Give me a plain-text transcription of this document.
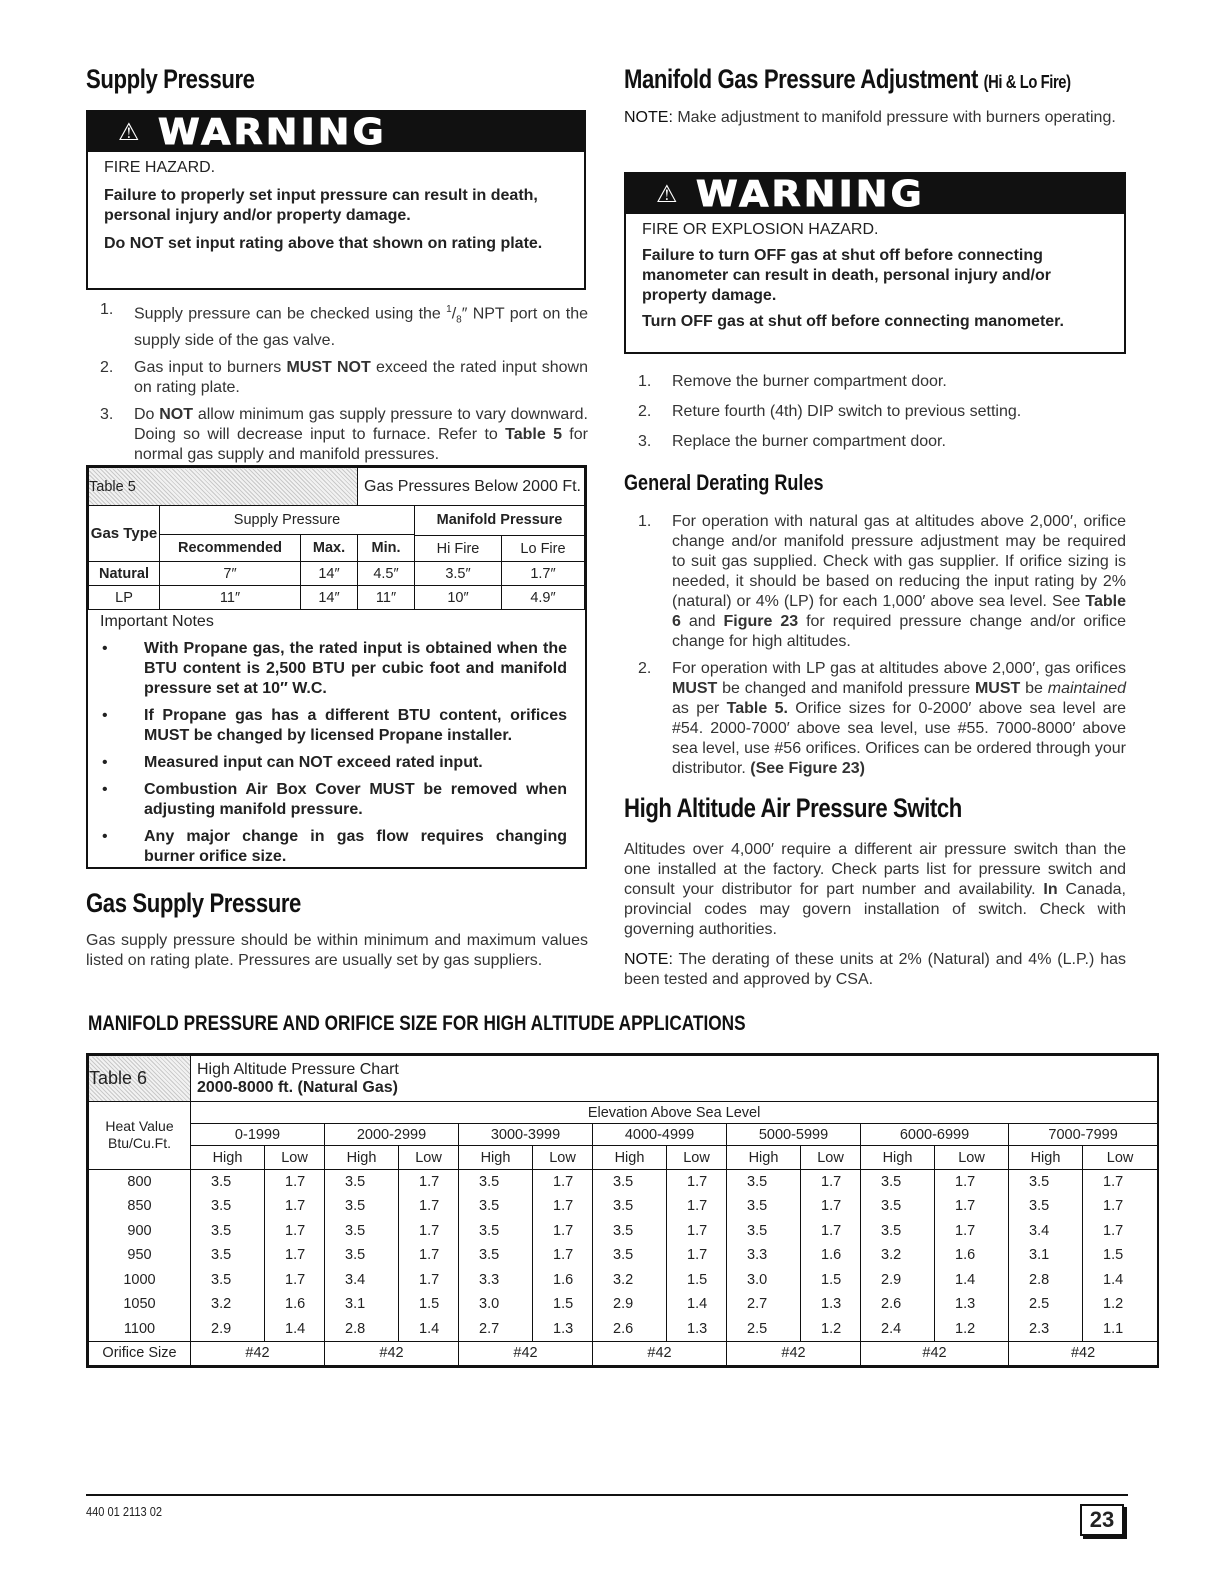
Supply Pressure
⚠ WARNING

FIRE HAZARD.

Failure to properly set input pressure can result in death, personal injury and/or property damage.

Do NOT set input rating above that shown on rating plate.

1. Supply pressure can be checked using the $^1/_8''$ NPT port on the supply side of the gas valve.
2. Gas input to burners MUST NOT exceed the rated input shown on rating plate.
3. Do NOT allow minimum gas supply pressure to vary downward. Doing so will decrease input to furnace. Refer to Table 5 for normal gas supply and manifold pressures.
Table 5			Gas Pressures Below 2000 Ft.		
Gas Type	Supply Pressure			Manifold Pressure	
	Recommended	Max.	Min.		
				Hi Fire	Lo Fire
Natural	7″	14″	4.5″	3.5″	1.7″
LP	11″	14″	11″	10″	4.9″
Important Notes
• With Propane gas, the rated input is obtained when the BTU content is 2,500 BTU per cubic foot and manifold pressure set at 10″ W.C.
• If Propane gas has a different BTU content, orifices MUST be changed by licensed Propane installer.
• Measured input can NOT exceed rated input.
• Combustion Air Box Cover MUST be removed when adjusting manifold pressure.
• Any major change in gas flow requires changing burner orifice size.
Gas Supply Pressure

Gas supply pressure should be within minimum and maximum values listed on rating plate. Pressures are usually set by gas suppliers.

Manifold Gas Pressure Adjustment (Hi & Lo Fire)

NOTE: Make adjustment to manifold pressure with burners operating.

⚠ WARNING

FIRE OR EXPLOSION HAZARD.

Failure to turn OFF gas at shut off before connecting manometer can result in death, personal injury and/or property damage.

Turn OFF gas at shut off before connecting manometer.

1. Remove the burner compartment door.
2. Reture fourth (4th) DIP switch to previous setting.
3. Replace the burner compartment door.
General Derating Rules
1. For operation with natural gas at altitudes above 2,000′, orifice change and/or manifold pressure adjustment may be required to suit gas supplied. Check with gas supplier. If orifice sizing is needed, it should be based on reducing the input rating by 2% (natural) or 4% (LP) for each 1,000′ above sea level. See Table 6 and Figure 23 for required pressure change and/or orifice change for high altitudes.
2. For operation with LP gas at altitudes above 2,000′, gas orifices MUST be changed and manifold pressure MUST be maintained as per Table 5. Orifice sizes for 0-2000′ above sea level are #54. 2000-7000′ above sea level, use #55. 7000-8000′ above sea level, use #56 orifices. Orifices can be ordered through your distributor. (See Figure 23)
High Altitude Air Pressure Switch

Altitudes over 4,000′ require a different air pressure switch than the one installed at the factory. Check parts list for pressure switch and consult your distributor for part number and availability. In Canada, provincial codes may govern installation of switch. Check with governing authorities.

NOTE: The derating of these units at 2% (Natural) and 4% (L.P.) has been tested and approved by CSA.

MANIFOLD PRESSURE AND ORIFICE SIZE FOR HIGH ALTITUDE APPLICATIONS
Table 6	High Altitude Pressure Chart
2000-8000 ft. (Natural Gas)													

Heat Value Btu/Cu.Ft.	Elevation Above Sea Level													
	0-1999		2000-2999		3000-3999		4000-4999		5000-5999		6000-6999		7000-7999	
	High	Low	High	Low	High	Low	High	Low	High	Low	High	Low	High	Low
800	3.5	1.7	3.5	1.7	3.5	1.7	3.5	1.7	3.5	1.7	3.5	1.7	3.5	1.7
850	3.5	1.7	3.5	1.7	3.5	1.7	3.5	1.7	3.5	1.7	3.5	1.7	3.5	1.7
900	3.5	1.7	3.5	1.7	3.5	1.7	3.5	1.7	3.5	1.7	3.5	1.7	3.4	1.7
950	3.5	1.7	3.5	1.7	3.5	1.7	3.5	1.7	3.3	1.6	3.2	1.6	3.1	1.5
1000	3.5	1.7	3.4	1.7	3.3	1.6	3.2	1.5	3.0	1.5	2.9	1.4	2.8	1.4
1050	3.2	1.6	3.1	1.5	3.0	1.5	2.9	1.4	2.7	1.3	2.6	1.3	2.5	1.2
1100	2.9	1.4	2.8	1.4	2.7	1.3	2.6	1.3	2.5	1.2	2.4	1.2	2.3	1.1
Orifice Size	#42		#42		#42		#42		#42		#42		#42	
440 01 2113 02	23
